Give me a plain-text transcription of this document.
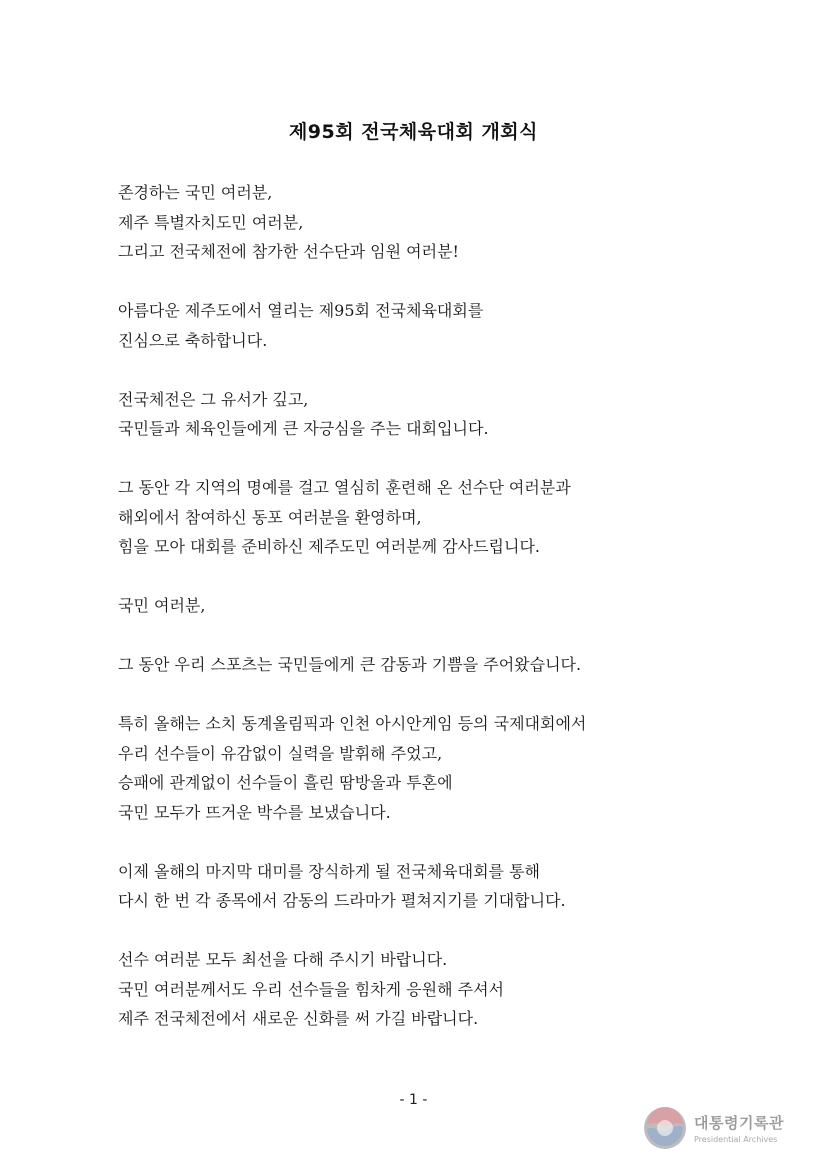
제95회 전국체육대회 개회식
존경하는 국민 여러분,
제주 특별자치도민 여러분,
그리고 전국체전에 참가한 선수단과 임원 여러분!
아름다운 제주도에서 열리는 제95회 전국체육대회를
진심으로 축하합니다.
전국체전은 그 유서가 깊고,
국민들과 체육인들에게 큰 자긍심을 주는 대회입니다.
그 동안 각 지역의 명예를 걸고 열심히 훈련해 온 선수단 여러분과
해외에서 참여하신 동포 여러분을 환영하며,
힘을 모아 대회를 준비하신 제주도민 여러분께 감사드립니다.
국민 여러분,
그 동안 우리 스포츠는 국민들에게 큰 감동과 기쁨을 주어왔습니다.
특히 올해는 소치 동계올림픽과 인천 아시안게임 등의 국제대회에서
우리 선수들이 유감없이 실력을 발휘해 주었고,
승패에 관계없이 선수들이 흘린 땀방울과 투혼에
국민 모두가 뜨거운 박수를 보냈습니다.
이제 올해의 마지막 대미를 장식하게 될 전국체육대회를 통해
다시 한 번 각 종목에서 감동의 드라마가 펼쳐지기를 기대합니다.
선수 여러분 모두 최선을 다해 주시기 바랍니다.
국민 여러분께서도 우리 선수들을 힘차게 응원해 주셔서
제주 전국체전에서 새로운 신화를 써 가길 바랍니다.
- 1 -
대통령기록관
Presidential Archives
